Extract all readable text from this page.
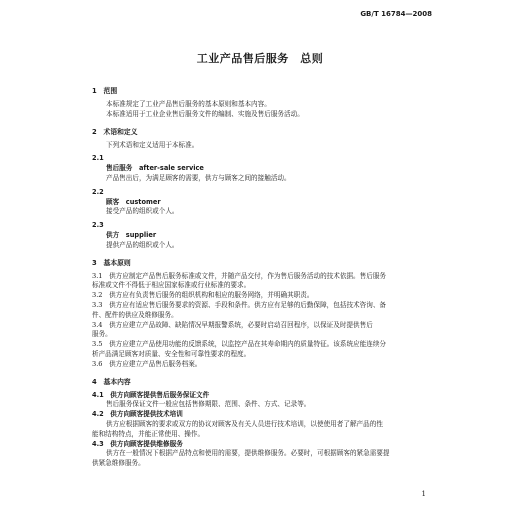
GB/T 16784—2008
工业产品售后服务　总则
1　范围
本标准规定了工业产品售后服务的基本原则和基本内容。
本标准适用于工业企业售后服务文件的编制、实施及售后服务活动。
2　术语和定义
下列术语和定义适用于本标准。
2.1
售后服务　after-sale service
产品售出后，为满足顾客的需要，供方与顾客之间的接触活动。
2.2
顾客　customer
接受产品的组织或个人。
2.3
供方　supplier
提供产品的组织或个人。
3　基本原则
3.1　供方应制定产品售后服务标准或文件，并随产品交付，作为售后服务活动的技术依据。售后服务
标准或文件不得低于相应国家标准或行业标准的要求。
3.2　供方应有负责售后服务的组织机构和相应的服务网络，并明确其职责。
3.3　供方应有适应售后服务要求的资源、手段和条件。供方应有足够的后勤保障，包括技术咨询、备
件、配件的供应及维修服务。
3.4　供方应建立产品故障、缺陷情况早期报警系统，必要时启动召回程序，以保证及时提供售后
服务。
3.5　供方应建立产品使用功能的反馈系统，以监控产品在其寿命期内的质量特征。该系统应能连续分
析产品满足顾客对质量、安全性和可靠性要求的程度。
3.6　供方应建立产品售后服务档案。
4　基本内容
4.1　供方向顾客提供售后服务保证文件
售后服务保证文件一般应包括售修期限、范围、条件、方式、记录等。
4.2　供方向顾客提供技术培训
供方应根据顾客的要求或双方的协议对顾客及有关人员进行技术培训，以使使用者了解产品的性
能和结构特点，并能正常使用、操作。
4.3　供方向顾客提供维修服务
供方在一般情况下根据产品特点和使用的需要，提供维修服务。必要时，可根据顾客的紧急需要提
供紧急维修服务。
1
